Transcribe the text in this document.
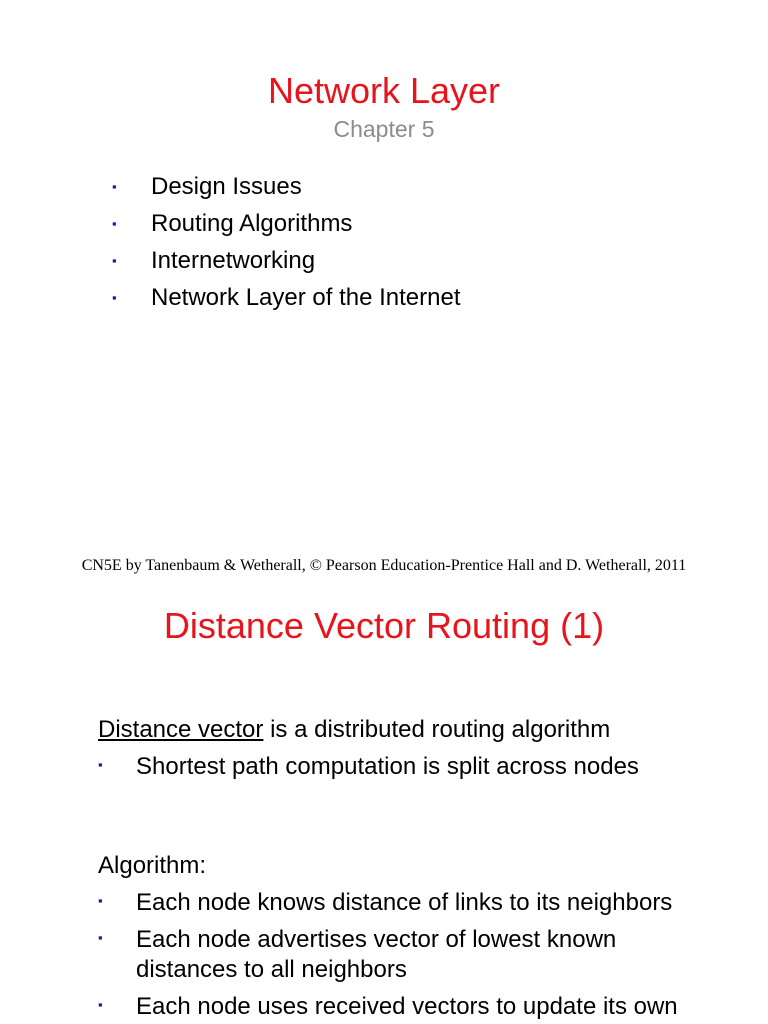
Network Layer
Chapter 5
▪ Design Issues
▪ Routing Algorithms
▪ Internetworking
▪ Network Layer of the Internet
CN5E by Tanenbaum & Wetherall, © Pearson Education-Prentice Hall and D. Wetherall, 2011
Distance Vector Routing (1)
Distance vector is a distributed routing algorithm
▪ Shortest path computation is split across nodes
Algorithm:
▪ Each node knows distance of links to its neighbors
▪ Each node advertises vector of lowest known
distances to all neighbors
▪ Each node uses received vectors to update its own
